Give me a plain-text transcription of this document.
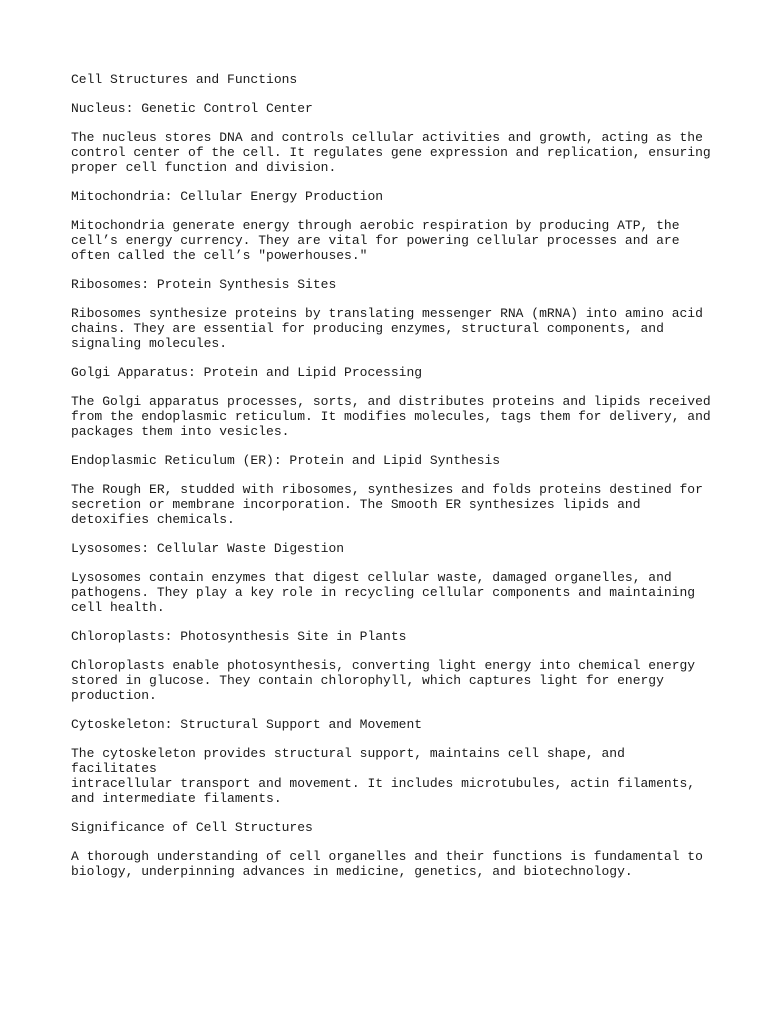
Cell Structures and Functions
Nucleus: Genetic Control Center
The nucleus stores DNA and controls cellular activities and growth, acting as the
control center of the cell. It regulates gene expression and replication, ensuring
proper cell function and division.
Mitochondria: Cellular Energy Production
Mitochondria generate energy through aerobic respiration by producing ATP, the
cell’s energy currency. They are vital for powering cellular processes and are
often called the cell’s "powerhouses."
Ribosomes: Protein Synthesis Sites
Ribosomes synthesize proteins by translating messenger RNA (mRNA) into amino acid
chains. They are essential for producing enzymes, structural components, and
signaling molecules.
Golgi Apparatus: Protein and Lipid Processing
The Golgi apparatus processes, sorts, and distributes proteins and lipids received
from the endoplasmic reticulum. It modifies molecules, tags them for delivery, and
packages them into vesicles.
Endoplasmic Reticulum (ER): Protein and Lipid Synthesis
The Rough ER, studded with ribosomes, synthesizes and folds proteins destined for
secretion or membrane incorporation. The Smooth ER synthesizes lipids and
detoxifies chemicals.
Lysosomes: Cellular Waste Digestion
Lysosomes contain enzymes that digest cellular waste, damaged organelles, and
pathogens. They play a key role in recycling cellular components and maintaining
cell health.
Chloroplasts: Photosynthesis Site in Plants
Chloroplasts enable photosynthesis, converting light energy into chemical energy
stored in glucose. They contain chlorophyll, which captures light for energy
production.
Cytoskeleton: Structural Support and Movement
The cytoskeleton provides structural support, maintains cell shape, and facilitates
intracellular transport and movement. It includes microtubules, actin filaments,
and intermediate filaments.
Significance of Cell Structures
A thorough understanding of cell organelles and their functions is fundamental to
biology, underpinning advances in medicine, genetics, and biotechnology.
